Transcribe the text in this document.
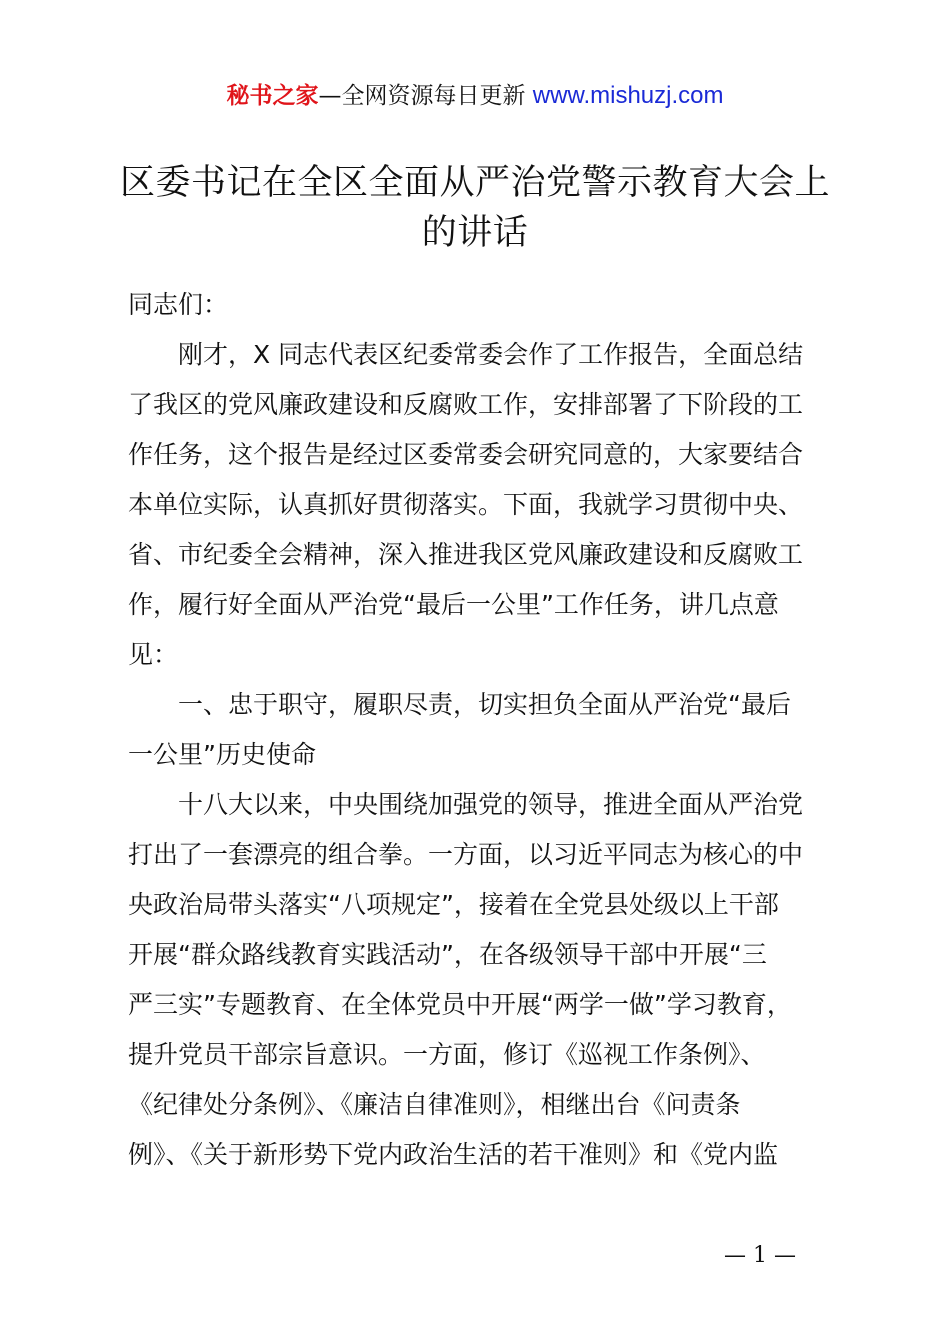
秘书之家—全网资源每日更新 www.mishuzj.com
区委书记在全区全面从严治党警示教育大会上
的讲话
同志们：
刚才，X 同志代表区纪委常委会作了工作报告，全面总结
了我区的党风廉政建设和反腐败工作，安排部署了下阶段的工
作任务，这个报告是经过区委常委会研究同意的，大家要结合
本单位实际，认真抓好贯彻落实。下面，我就学习贯彻中央、
省、市纪委全会精神，深入推进我区党风廉政建设和反腐败工
作，履行好全面从严治党“最后一公里”工作任务，讲几点意
见：
一、忠于职守，履职尽责，切实担负全面从严治党“最后
一公里”历史使命
十八大以来，中央围绕加强党的领导，推进全面从严治党
打出了一套漂亮的组合拳。一方面，以习近平同志为核心的中
央政治局带头落实“八项规定”，接着在全党县处级以上干部
开展“群众路线教育实践活动”，在各级领导干部中开展“三
严三实”专题教育、在全体党员中开展“两学一做”学习教育，
提升党员干部宗旨意识。一方面，修订《巡视工作条例》、
《纪律处分条例》、《廉洁自律准则》，相继出台《问责条
例》、《关于新形势下党内政治生活的若干准则》和《党内监
— 1 —
